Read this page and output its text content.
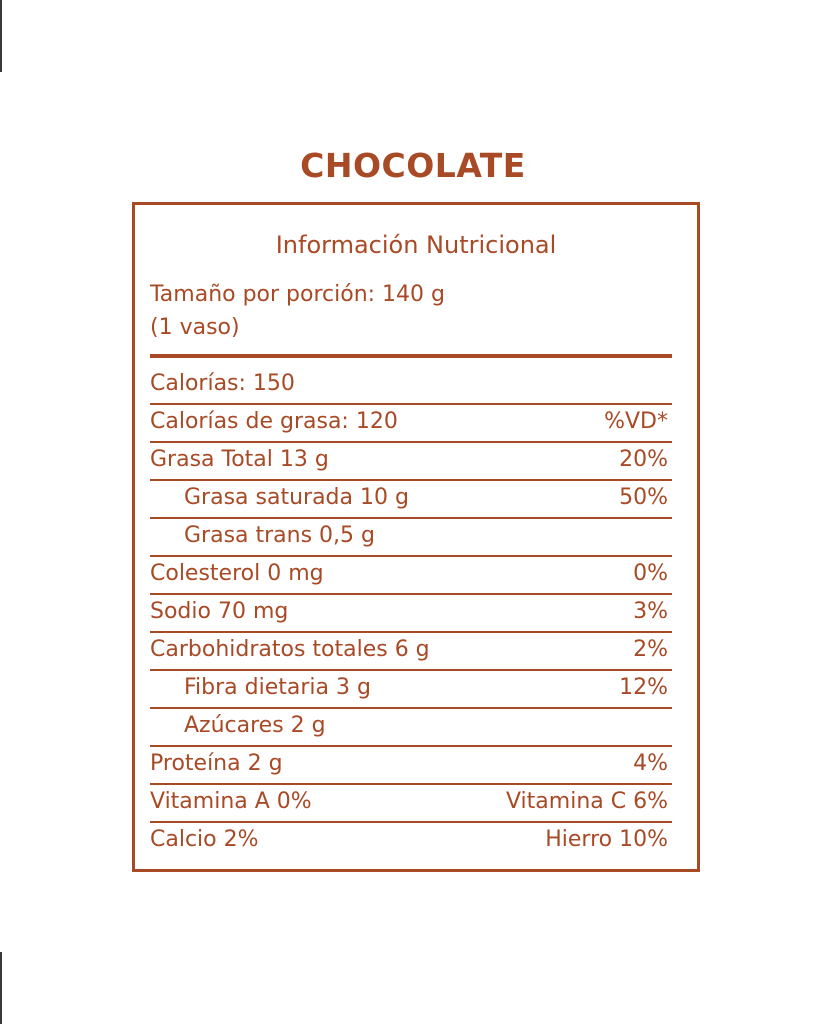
CHOCOLATE
Información Nutricional
Tamaño por porción: 140 g
(1 vaso)
Calorías: 150
Calorías de grasa: 120	%VD*
Grasa Total 13 g	20%
Grasa saturada 10 g	50%
Grasa trans 0,5 g
Colesterol 0 mg	0%
Sodio 70 mg	3%
Carbohidratos totales 6 g	2%
Fibra dietaria 3 g	12%
Azúcares 2 g
Proteína 2 g	4%
Vitamina A 0%	Vitamina C 6%
Calcio 2%	Hierro 10%
